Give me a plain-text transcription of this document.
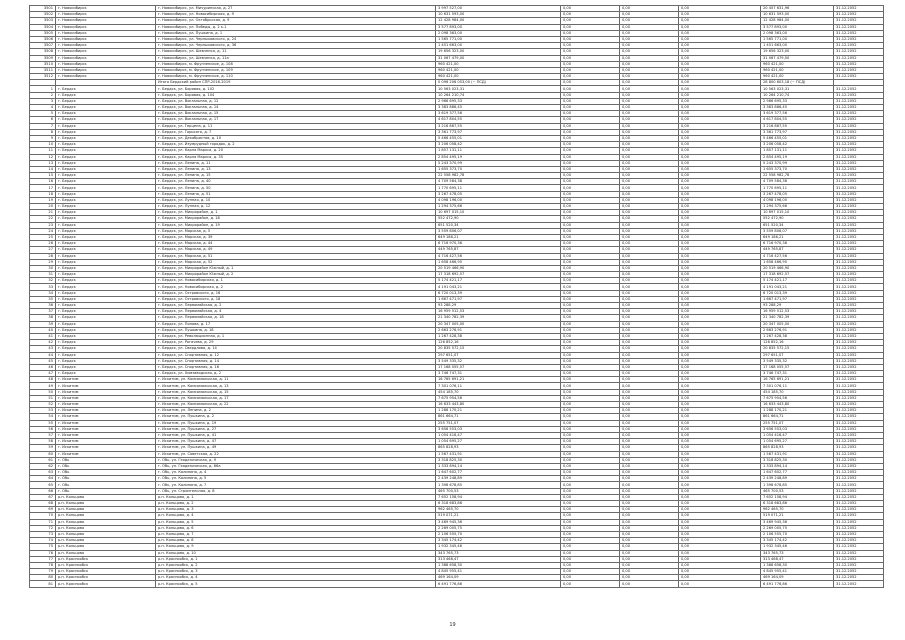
3501	г. Новосибирск	г. Новосибирск, ул. Мичуринская, д. 27	3 997 527,00	0,00	0,00	0,00	20 457 631,96	31.12.2052
3502	г. Новосибирск	г. Новосибирск, ул. Новосибирская, д. 9	10 631 593,00	0,00	0,00	0,00	10 631 593,00	31.12.2052
3503	г. Новосибирск	г. Новосибирск, ул. Октябрьская, д. 9	12 428 984,00	0,00	0,00	0,00	12 428 984,00	31.12.2052
3504	г. Новосибирск	г. Новосибирск, ул. Победы, д. 2 к.1	3 577 893,00	0,00	0,00	0,00	3 577 893,00	31.12.2052
3505	г. Новосибирск	г. Новосибирск, ул. Пушкина, д. 1	2 098 363,00	0,00	0,00	0,00	2 098 363,00	31.12.2052
3506	г. Новосибирск	г. Новосибирск, ул. Черныховского, д. 24	1 565 771,00	0,00	0,00	0,00	1 565 771,00	31.12.2052
3507	г. Новосибирск	г. Новосибирск, ул. Черныховского, д. 36	1 451 663,00	0,00	0,00	0,00	1 451 663,00	31.12.2052
3508	г. Новосибирск	г. Новосибирск, ул. Шевченко, д. 11	19 656 323,00	0,00	0,00	0,00	19 656 323,00	31.12.2052
3509	г. Новосибирск	г. Новосибирск, ул. Шевченко, д. 11а	31 067 479,00	0,00	0,00	0,00	31 067 479,00	31.12.2052
3510	г. Новосибирск	г. Новосибирск, м. Фрунзенское, д. 108	960 421,00	0,00	0,00	0,00	960 421,00	31.12.2052
3511	г. Новосибирск	г. Новосибирск, м. Фрунзенское, д. 109	960 421,00	0,00	0,00	0,00	960 421,00	31.12.2052
3512	г. Новосибирск	г. Новосибирск, м. Фрунзенское, д. 110	960 421,00	0,00	0,00	0,00	960 421,00	31.12.2052
		Итого Бердский район СПР-2016-2019	0 096 206 053,00 (~ ПСД)	0,00	0,00	0,00	28 800 603,18 (~ ПСД)	
1	г. Бердск	г. Бердск, ул. Боровая, д. 102	10 563 023,31	0,00	0,00	0,00	10 563 023,31	31.12.2052
2	г. Бердск	г. Бердск, ул. Боровая, д. 104	10 264 210,74	0,00	0,00	0,00	10 264 210,74	31.12.2052
3	г. Бердск	г. Бердск, ул. Вокзальная, д. 12	2 966 695,33	0,00	0,00	0,00	2 966 695,33	31.12.2052
4	г. Бердск	г. Бердск, ул. Вокзальная, д. 14	3 383 886,45	0,00	0,00	0,00	3 383 886,45	31.12.2052
5	г. Бердск	г. Бердск, ул. Вокзальная, д. 15	3 619 377,56	0,00	0,00	0,00	3 619 377,56	31.12.2052
6	г. Бердск	г. Бердск, ул. Вокзальная, д. 17	4 617 804,55	0,00	0,00	0,00	4 617 804,55	31.12.2052
7	г. Бердск	г. Бердск, ул. Герцена, д. 11	3 216 867,55	0,00	0,00	0,00	3 216 867,55	31.12.2052
8	г. Бердск	г. Бердск, ул. Горького, д. 7	3 361 773,97	0,00	0,00	0,00	3 361 773,97	31.12.2052
9	г. Бердск	г. Бердск, ул. Декабристов, д. 10	5 466 455,01	0,00	0,00	0,00	5 466 455,01	31.12.2052
10	г. Бердск	г. Бердск, ул. Изумрудный городок, д. 2	3 206 058,42	0,00	0,00	0,00	3 206 058,42	31.12.2052
11	г. Бердск	г. Бердск, ул. Карла Маркса, д. 20	1 857 131,11	0,00	0,00	0,00	1 857 131,11	31.12.2052
12	г. Бердск	г. Бердск, ул. Карла Маркса, д. 35	2 854 495,19	0,00	0,00	0,00	2 854 495,19	31.12.2052
13	г. Бердск	г. Бердск, ул. Ленина, д. 11	5 243 370,99	0,00	0,00	0,00	5 243 370,99	31.12.2052
14	г. Бердск	г. Бердск, ул. Ленина, д. 13	1 655 373,70	0,00	0,00	0,00	1 655 373,70	31.12.2052
15	г. Бердск	г. Бердск, ул. Ленина, д. 15	22 558 982,78	0,00	0,00	0,00	22 558 982,78	31.12.2052
16	г. Бердск	г. Бердск, ул. Ленина, д. 40	4 709 584,38	0,00	0,00	0,00	4 709 584,38	31.12.2052
17	г. Бердск	г. Бердск, ул. Ленина, д. 50	1 770 695,11	0,00	0,00	0,00	1 770 695,11	31.12.2052
18	г. Бердск	г. Бердск, ул. Ленина, д. 51	3 267 478,05	0,00	0,00	0,00	3 267 478,05	31.12.2052
19	г. Бердск	г. Бердск, ул. Лунная, д. 10	4 098 196,00	0,00	0,00	0,00	4 098 196,00	31.12.2052
20	г. Бердск	г. Бердск, ул. Лунная, д. 12	1 294 375,66	0,00	0,00	0,00	1 294 375,66	31.12.2052
21	г. Бердск	г. Бердск, ул. Микрорайон, д. 1	10 697 015,10	0,00	0,00	0,00	10 697 015,10	31.12.2052
22	г. Бердск	г. Бердск, ул. Микрорайон, д. 18	552 472,90	0,00	0,00	0,00	552 472,90	31.12.2052
23	г. Бердск	г. Бердск, ул. Микрорайон, д. 19	651 520,34	0,00	0,00	0,00	651 520,34	31.12.2052
24	г. Бердск	г. Бердск, ул. Морская, д. 5	3 559 806,07	0,00	0,00	0,00	3 559 806,07	31.12.2052
25	г. Бердск	г. Бердск, ул. Морская, д. 39	649 186,21	0,00	0,00	0,00	649 186,21	31.12.2052
26	г. Бердск	г. Бердск, ул. Морская, д. 44	6 716 970,36	0,00	0,00	0,00	6 716 970,36	31.12.2052
27	г. Бердск	г. Бердск, ул. Морская, д. 49	449 765,87	0,00	0,00	0,00	449 765,87	31.12.2052
28	г. Бердск	г. Бердск, ул. Морская, д. 51	4 716 427,56	0,00	0,00	0,00	4 716 427,56	31.12.2052
29	г. Бердск	г. Бердск, ул. Морская, д. 52	1 658 466,95	0,00	0,00	0,00	1 658 466,95	31.12.2052
30	г. Бердск	г. Бердск, ул. Микрорайон Южный, д. 1	20 519 466,90	0,00	0,00	0,00	20 519 466,90	31.12.2052
31	г. Бердск	г. Бердск, ул. Микрорайон Южный, д. 2	17 318 692,57	0,00	0,00	0,00	17 318 692,57	31.12.2052
32	г. Бердск	г. Бердск, ул. Новосибирская, д. 1	5 174 421,17	0,00	0,00	0,00	5 174 421,17	31.12.2052
33	г. Бердск	г. Бердск, ул. Новосибирская, д. 2	4 191 043,21	0,00	0,00	0,00	4 191 043,21	31.12.2052
34	г. Бердск	г. Бердск, ул. Островского, д. 16	6 720 013,39	0,00	0,00	0,00	6 720 013,39	31.12.2052
35	г. Бердск	г. Бердск, ул. Островского, д. 18	1 667 471,97	0,00	0,00	0,00	1 667 471,97	31.12.2052
36	г. Бердск	г. Бердск, ул. Первомайская, д. 2	93 288,29	0,00	0,00	0,00	93 288,29	31.12.2052
37	г. Бердск	г. Бердск, ул. Первомайская, д. 4	16 959 512,53	0,00	0,00	0,00	16 959 512,53	31.12.2052
38	г. Бердск	г. Бердск, ул. Первомайская, д. 18	21 340 782,39	0,00	0,00	0,00	21 340 782,39	31.12.2052
39	г. Бердск	г. Бердск, ул. Попова, д. 17	20 347 005,00	0,00	0,00	0,00	20 347 005,00	31.12.2052
40	г. Бердск	г. Бердск, ул. Пушкина, д. 18	2 663 276,91	0,00	0,00	0,00	2 663 276,91	31.12.2052
41	г. Бердск	г. Бердск, ул. Революционная, д. 1	1 267 428,38	0,00	0,00	0,00	1 267 428,38	31.12.2052
42	г. Бердск	г. Бердск, ул. Рогачева, д. 29	126 852,16	0,00	0,00	0,00	126 852,16	31.12.2052
43	г. Бердск	г. Бердск, ул. Свердлова, д. 14	20 835 572,15	0,00	0,00	0,00	20 835 572,15	31.12.2052
44	г. Бердск	г. Бердск, ул. Спортивная, д. 12	297 651,07	0,00	0,00	0,00	297 651,07	31.12.2052
45	г. Бердск	г. Бердск, ул. Спортивная, д. 14	3 549 335,32	0,00	0,00	0,00	3 549 335,32	31.12.2052
46	г. Бердск	г. Бердск, ул. Спортивная, д. 16	17 168 055,57	0,00	0,00	0,00	17 168 055,57	31.12.2052
47	г. Бердск	г. Бердск, ул. Химзаводская, д. 2	3 746 747,31	0,00	0,00	0,00	3 746 747,31	31.12.2052
48	г. Искитим	г. Искитим, ул. Комсомольская, д. 11	16 765 691,21	0,00	0,00	0,00	16 765 691,21	31.12.2052
49	г. Искитим	г. Искитим, ул. Комсомольская, д. 13	7 301 076,11	0,00	0,00	0,00	7 301 076,11	31.12.2052
50	г. Искитим	г. Искитим, ул. Комсомольская, д. 15	454 185,70	0,00	0,00	0,00	454 185,70	31.12.2052
51	г. Искитим	г. Искитим, ул. Комсомольская, д. 17	7 675 954,56	0,00	0,00	0,00	7 675 954,56	31.12.2052
52	г. Искитим	г. Искитим, ул. Комсомольская, д. 22	16 633 443,80	0,00	0,00	0,00	16 633 443,80	31.12.2052
53	г. Искитим	г. Искитим, ул. Ленина, д. 2	1 288 170,21	0,00	0,00	0,00	1 288 170,21	31.12.2052
54	г. Искитим	г. Искитим, ул. Пушкина, д. 2	861 664,71	0,00	0,00	0,00	861 664,71	31.12.2052
55	г. Искитим	г. Искитим, ул. Пушкина, д. 19	255 751,07	0,00	0,00	0,00	255 751,07	31.12.2052
56	г. Искитим	г. Искитим, ул. Пушкина, д. 27	3 656 553,03	0,00	0,00	0,00	3 656 553,03	31.12.2052
57	г. Искитим	г. Искитим, ул. Пушкина, д. 41	1 054 416,47	0,00	0,00	0,00	1 054 416,47	31.12.2052
58	г. Искитим	г. Искитим, ул. Пушкина, д. 47	1 054 695,27	0,00	0,00	0,00	1 054 695,27	31.12.2052
59	г. Искитим	г. Искитим, ул. Пушкина, д. 49	865 828,93	0,00	0,00	0,00	865 828,93	31.12.2052
60	г. Искитим	г. Искитим, ул. Советская, д. 22	1 567 431,91	0,00	0,00	0,00	1 567 431,91	31.12.2052
61	г. Обь	г. Обь, ул. Геодезическая, д. 9	3 318 825,30	0,00	0,00	0,00	3 318 825,30	31.12.2052
62	г. Обь	г. Обь, ул. Геодезическая, д. 66а	1 333 894,14	0,00	0,00	0,00	1 333 894,14	31.12.2052
63	г. Обь	г. Обь, ул. Калинина, д. 4	1 647 602,77	0,00	0,00	0,00	1 647 602,77	31.12.2052
64	г. Обь	г. Обь, ул. Калинина, д. 5	2 439 248,89	0,00	0,00	0,00	2 439 248,89	31.12.2052
65	г. Обь	г. Обь, ул. Калинина, д. 7	1 398 678,85	0,00	0,00	0,00	1 398 678,85	31.12.2052
66	г. Обь	г. Обь, ул. Строительная, д. 8	465 700,53	0,00	0,00	0,00	465 700,53	31.12.2052
67	р.п. Кольцово	р.п. Кольцово, д. 1	7 652 158,94	0,00	0,00	0,00	7 652 158,94	31.12.2052
68	р.п. Кольцово	р.п. Кольцово, д. 2	6 318 683,86	0,00	0,00	0,00	6 318 683,86	31.12.2052
69	р.п. Кольцово	р.п. Кольцово, д. 3	962 465,70	0,00	0,00	0,00	962 465,70	31.12.2052
70	р.п. Кольцово	р.п. Кольцово, д. 4	519 071,21	0,00	0,00	0,00	519 071,21	31.12.2052
71	р.п. Кольцово	р.п. Кольцово, д. 5	3 469 945,36	0,00	0,00	0,00	3 469 945,36	31.12.2052
72	р.п. Кольцово	р.п. Кольцово, д. 6	2 269 005,75	0,00	0,00	0,00	2 269 005,75	31.12.2052
73	р.п. Кольцово	р.п. Кольцово, д. 7	2 106 555,70	0,00	0,00	0,00	2 106 555,70	31.12.2052
74	р.п. Кольцово	р.п. Кольцово, д. 8	3 345 174,42	0,00	0,00	0,00	3 345 174,42	31.12.2052
75	р.п. Кольцово	р.п. Кольцово, д. 9	1 932 345,46	0,00	0,00	0,00	1 932 345,46	31.12.2052
76	р.п. Кольцово	р.п. Кольцово, д. 10	343 765,73	0,00	0,00	0,00	343 765,73	31.12.2052
77	р.п. Краснообск	р.п. Краснообск, д. 1	313 468,47	0,00	0,00	0,00	313 468,47	31.12.2052
78	р.п. Краснообск	р.п. Краснообск, д. 2	1 388 658,30	0,00	0,00	0,00	1 388 658,30	31.12.2052
79	р.п. Краснообск	р.п. Краснообск, д. 3	4 845 955,41	0,00	0,00	0,00	4 845 955,41	31.12.2052
80	р.п. Краснообск	р.п. Краснообск, д. 4	469 164,09	0,00	0,00	0,00	469 164,09	31.12.2052
81	р.п. Краснообск	р.п. Краснообск, д. 5	6 491 776,86	0,00	0,00	0,00	6 491 776,86	31.12.2052
19
